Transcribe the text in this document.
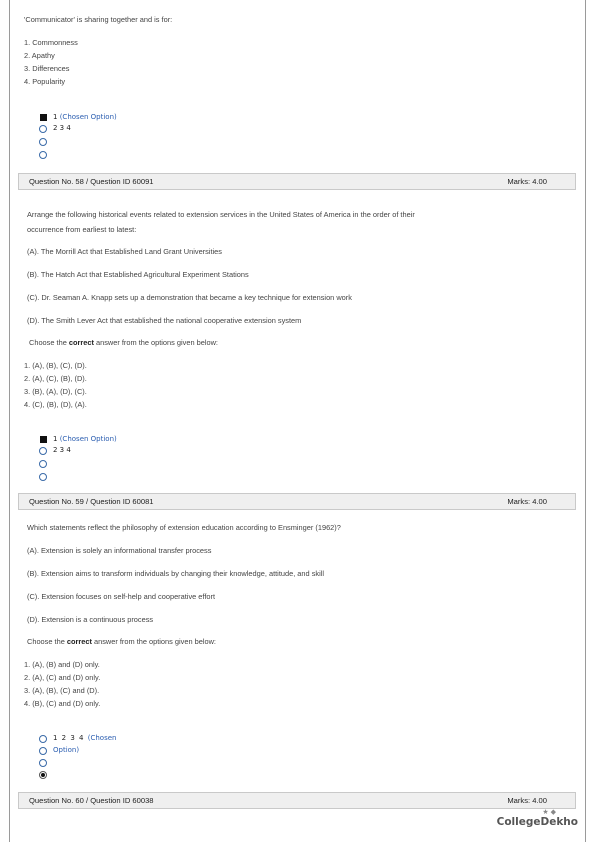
'Communicator' is sharing together and is for:
1. Commonness
2. Apathy
3. Differences
4. Popularity
1 (Chosen Option)
2 3 4
Question No. 58 / Question ID 60091	Marks: 4.00
Arrange the following historical events related to extension services in the United States of America in the order of their
occurrence from earliest to latest:
(A). The Morrill Act that Established Land Grant Universities
(B). The Hatch Act that Established Agricultural Experiment Stations
(C). Dr. Seaman A. Knapp sets up a demonstration that became a key technique for extension work
(D). The Smith Lever Act that established the national cooperative extension system
Choose the correct answer from the options given below:
1. (A), (B), (C), (D).
2. (A), (C), (B), (D).
3. (B), (A), (D), (C).
4. (C), (B), (D), (A).
1 (Chosen Option)
2 3 4
Question No. 59 / Question ID 60081	Marks: 4.00
Which statements reflect the philosophy of extension education according to Ensminger (1962)?
(A). Extension is solely an informational transfer process
(B). Extension aims to transform individuals by changing their knowledge, attitude, and skill
(C). Extension focuses on self-help and cooperative effort
(D). Extension is a continuous process
Choose the correct answer from the options given below:
1. (A), (B) and (D) only.
2. (A), (C) and (D) only.
3. (A), (B), (C) and (D).
4. (B), (C) and (D) only.
1 2 3 4 (Chosen
Option)
Question No. 60 / Question ID 60038	Marks: 4.00
★ ◆
CollegeDekho
